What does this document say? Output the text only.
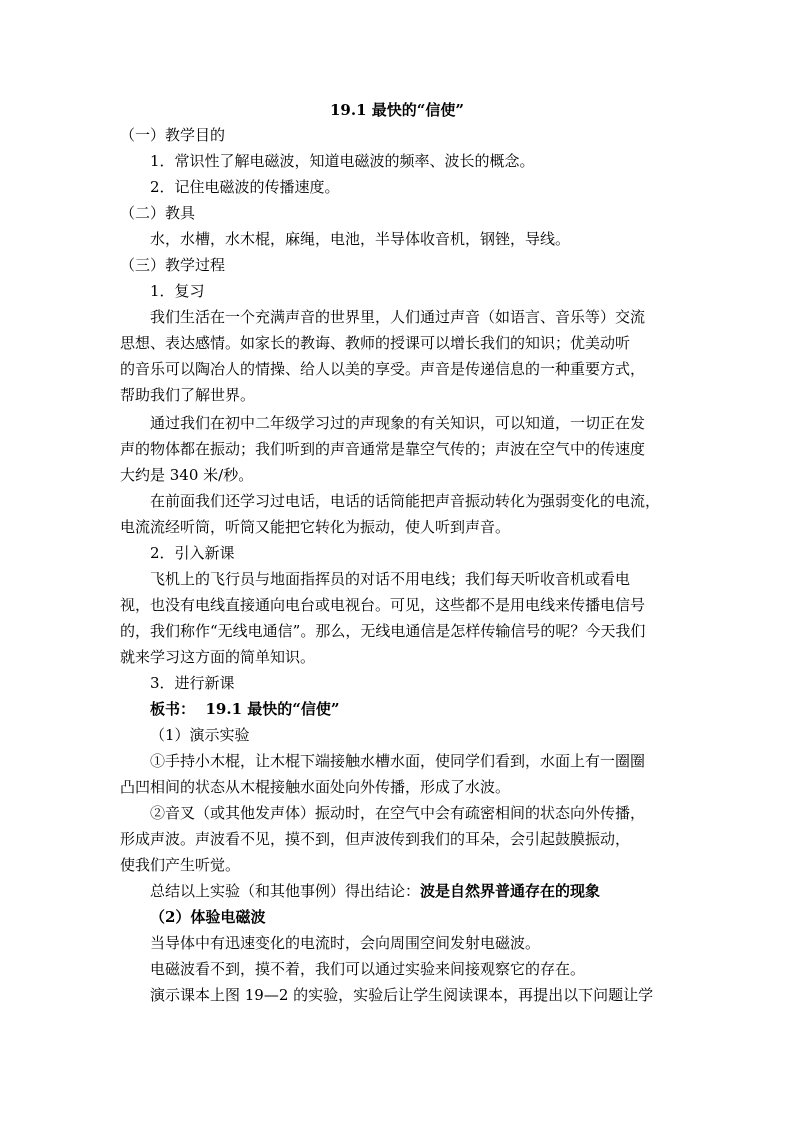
19.1 最快的“信使”
（一）教学目的
1．常识性了解电磁波，知道电磁波的频率、波长的概念。
2．记住电磁波的传播速度。
（二）教具
水，水槽，水木棍，麻绳，电池，半导体收音机，钢锉，导线。
（三）教学过程
1．复习
我们生活在一个充满声音的世界里，人们通过声音（如语言、音乐等）交流
思想、表达感情。如家长的教诲、教师的授课可以增长我们的知识；优美动听
的音乐可以陶冶人的情操、给人以美的享受。声音是传递信息的一种重要方式，
帮助我们了解世界。
通过我们在初中二年级学习过的声现象的有关知识，可以知道，一切正在发
声的物体都在振动；我们听到的声音通常是靠空气传的；声波在空气中的传速度
大约是 340 米/秒。
在前面我们还学习过电话，电话的话筒能把声音振动转化为强弱变化的电流，
电流流经听筒，听筒又能把它转化为振动，使人听到声音。
2．引入新课
飞机上的飞行员与地面指挥员的对话不用电线；我们每天听收音机或看电
视，也没有电线直接通向电台或电视台。可见，这些都不是用电线来传播电信号
的，我们称作“无线电通信”。那么，无线电通信是怎样传输信号的呢？今天我们
就来学习这方面的简单知识。
3．进行新课
板书： 19.1 最快的“信使”
（1）演示实验
①手持小木棍，让木棍下端接触水槽水面，使同学们看到，水面上有一圈圈
凸凹相间的状态从木棍接触水面处向外传播，形成了水波。
②音叉（或其他发声体）振动时，在空气中会有疏密相间的状态向外传播，
形成声波。声波看不见，摸不到，但声波传到我们的耳朵，会引起鼓膜振动，
使我们产生听觉。
总结以上实验（和其他事例）得出结论：波是自然界普通存在的现象
（2）体验电磁波
当导体中有迅速变化的电流时，会向周围空间发射电磁波。
电磁波看不到，摸不着，我们可以通过实验来间接观察它的存在。
演示课本上图 19—2 的实验，实验后让学生阅读课本，再提出以下问题让学
